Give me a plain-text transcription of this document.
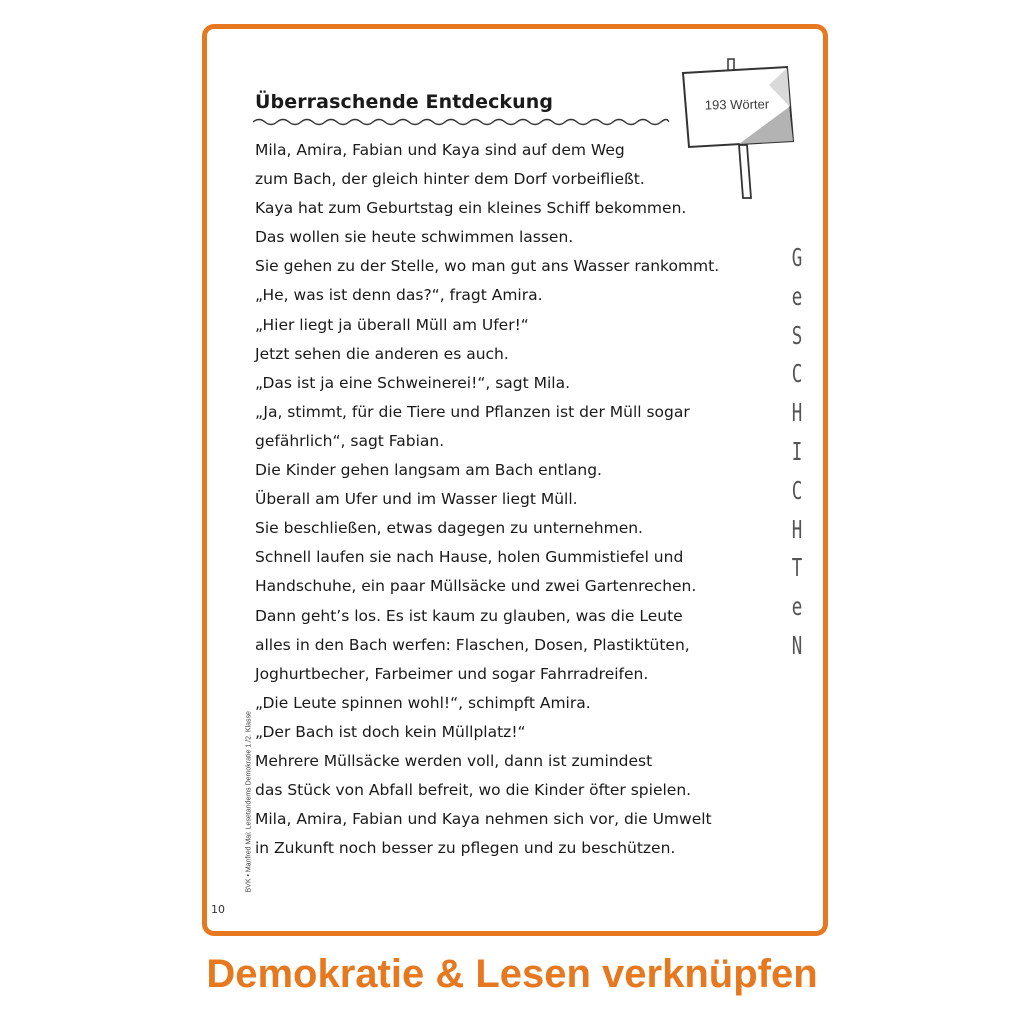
Überraschende Entdeckung	193 Wörter
Mila, Amira, Fabian und Kaya sind auf dem Weg
zum Bach, der gleich hinter dem Dorf vorbeifließt.
Kaya hat zum Geburtstag ein kleines Schiff bekommen.
Das wollen sie heute schwimmen lassen.
Sie gehen zu der Stelle, wo man gut ans Wasser rankommt.
„He, was ist denn das?“, fragt Amira.
„Hier liegt ja überall Müll am Ufer!“
Jetzt sehen die anderen es auch.
„Das ist ja eine Schweinerei!“, sagt Mila.
„Ja, stimmt, für die Tiere und Pflanzen ist der Müll sogar
gefährlich“, sagt Fabian.
Die Kinder gehen langsam am Bach entlang.
Überall am Ufer und im Wasser liegt Müll.
Sie beschließen, etwas dagegen zu unternehmen.
Schnell laufen sie nach Hause, holen Gummistiefel und
Handschuhe, ein paar Müllsäcke und zwei Gartenrechen.
Dann geht’s los. Es ist kaum zu glauben, was die Leute
alles in den Bach werfen: Flaschen, Dosen, Plastiktüten,
Joghurtbecher, Farbeimer und sogar Fahrradreifen.
„Die Leute spinnen wohl!“, schimpft Amira.
„Der Bach ist doch kein Müllplatz!“
Mehrere Müllsäcke werden voll, dann ist zumindest
das Stück von Abfall befreit, wo die Kinder öfter spielen.
Mila, Amira, Fabian und Kaya nehmen sich vor, die Umwelt
in Zukunft noch besser zu pflegen und zu beschützen.
G
e
S
C
H
I
C
H
T
e
N
BVK • Manfred Mai: Lesetandems Demokratie 1./2. Klasse
10
Demokratie & Lesen verknüpfen
